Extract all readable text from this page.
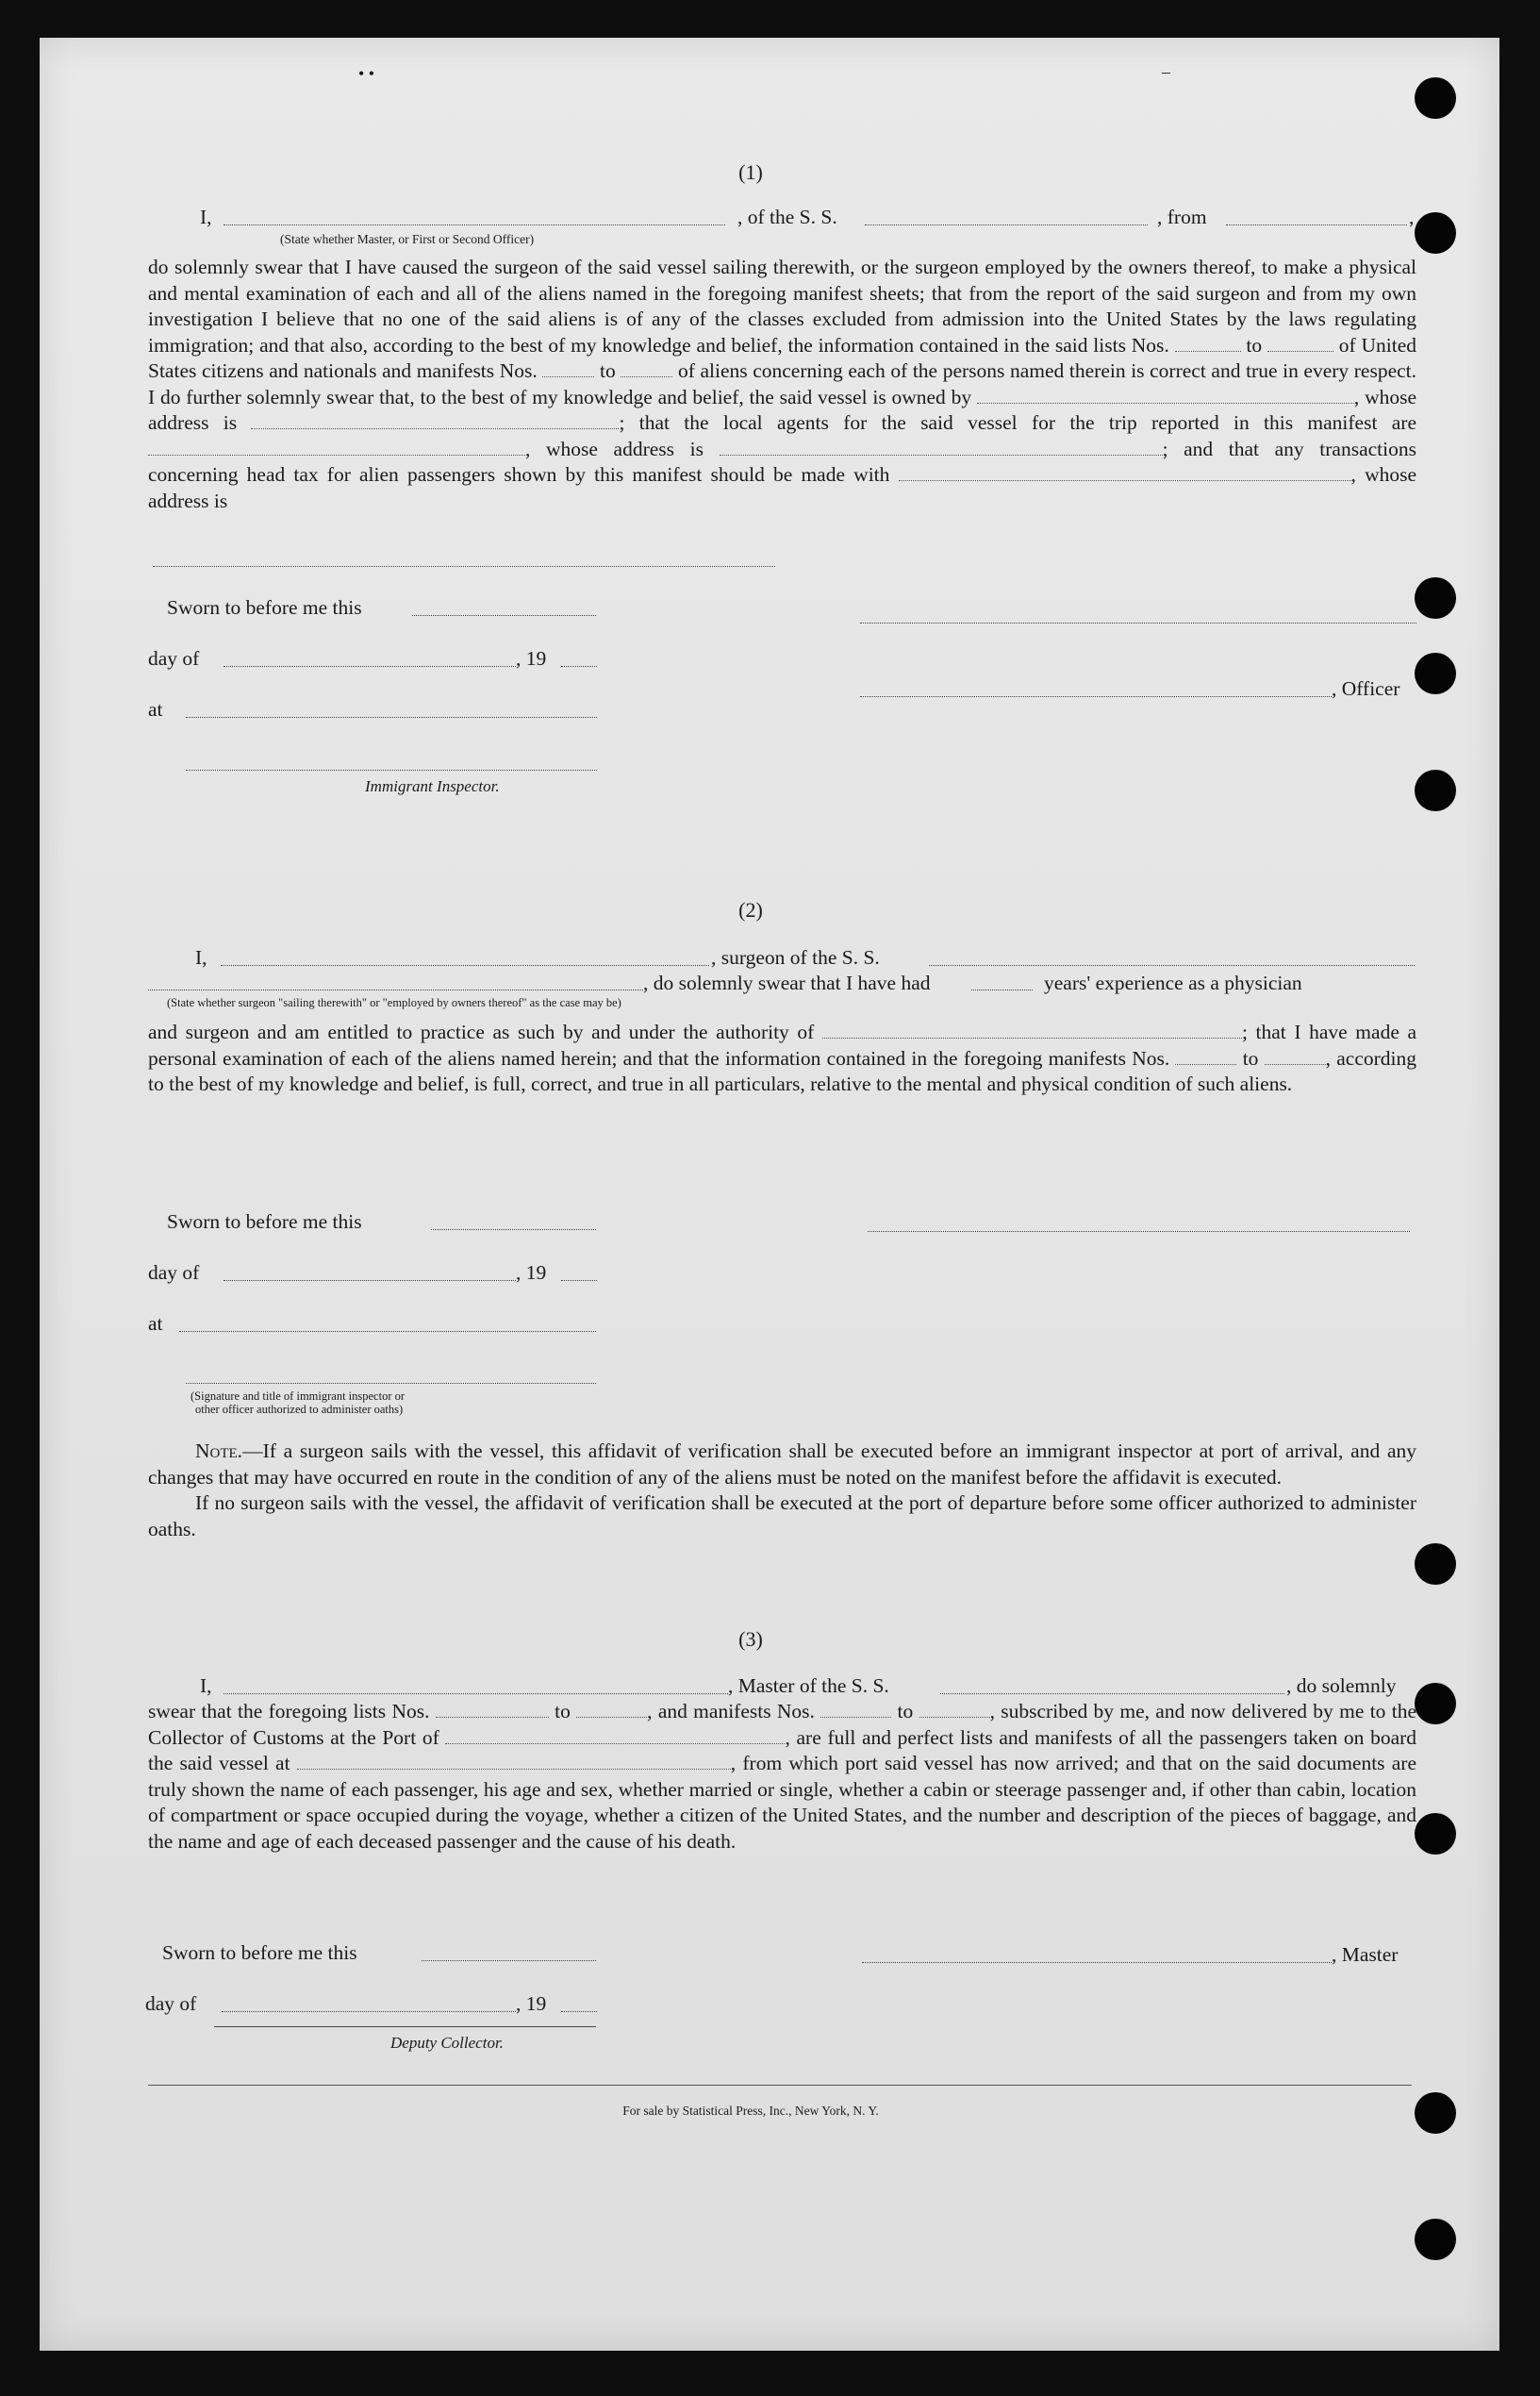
• •	–
(1)
I,	, of the S. S.	, from	,
(State whether Master, or First or Second Officer)

do solemnly swear that I have caused the surgeon of the said vessel sailing therewith, or the surgeon employed by the owners thereof, to make a physical and mental examination of each and all of the aliens named in the foregoing manifest sheets; that from the report of the said surgeon and from my own investigation I believe that no one of the said aliens is of any of the classes excluded from admission into the United States by the laws regulating immigration; and that also, according to the best of my knowledge and belief, the information contained in the said lists Nos.	to	of United States citizens and nationals and manifests Nos.	to	of aliens concerning each of the persons named therein is correct and true in every respect. I do further solemnly swear that, to the best of my knowledge and belief, the said vessel is owned by	, whose address is	; that the local agents for the said vessel for the trip reported in this manifest are , whose address is	; and that any transactions concerning head tax for alien passengers shown by this manifest should be made with	, whose address is

Sworn to before me this
day of	, 19
, Officer
at
Immigrant Inspector.
(2)
I,	, surgeon of the S. S.
, do solemnly swear that I have had	years' experience as a physician
(State whether surgeon "sailing therewith" or "employed by owners thereof" as the case may be)

and surgeon and am entitled to practice as such by and under the authority of	; that I have made a personal examination of each of the aliens named herein; and that the information contained in the foregoing manifests Nos.	to	, according to the best of my knowledge and belief, is full, correct, and true in all particulars, relative to the mental and physical condition of such aliens.

Sworn to before me this
day of	, 19
at
(Signature and title of immigrant inspector or
other officer authorized to administer oaths)

Note.—If a surgeon sails with the vessel, this affidavit of verification shall be executed before an immigrant inspector at port of arrival, and any changes that may have occurred en route in the condition of any of the aliens must be noted on the manifest before the affidavit is executed.

If no surgeon sails with the vessel, the affidavit of verification shall be executed at the port of departure before some officer authorized to administer oaths.

(3)
I,	, Master of the S. S.	, do solemnly

swear that the foregoing lists Nos.	to	, and manifests Nos.	to	, subscribed by me, and now delivered by me to the Collector of Customs at the Port of	, are full and perfect lists and manifests of all the passengers taken on board the said vessel at	, from which port said vessel has now arrived; and that on the said documents are truly shown the name of each passenger, his age and sex, whether married or single, whether a cabin or steerage passenger and, if other than cabin, location of compartment or space occupied during the voyage, whether a citizen of the United States, and the number and description of the pieces of baggage, and the name and age of each deceased passenger and the cause of his death.

Sworn to before me this	, Master
day of	, 19
Deputy Collector.
For sale by Statistical Press, Inc., New York, N. Y.
